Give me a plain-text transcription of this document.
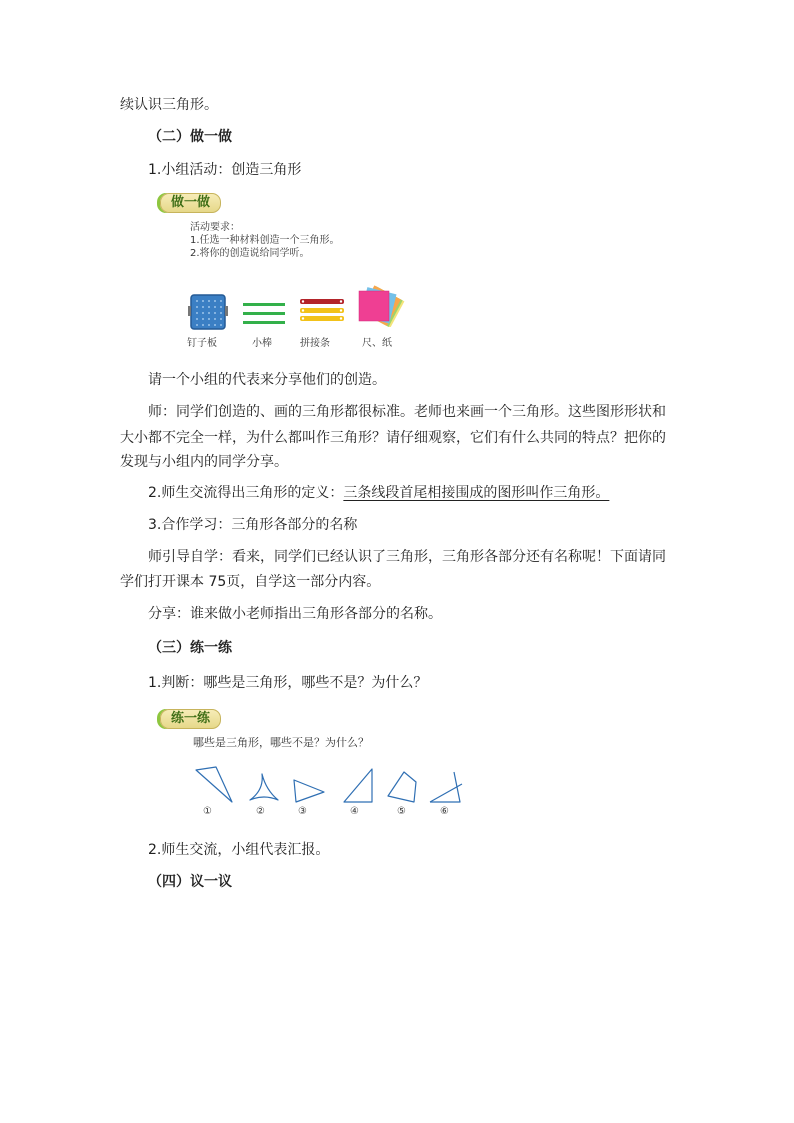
续认识三角形。
（二）做一做
1.小组活动：创造三角形
做一做
活动要求：
1.任选一种材料创造一个三角形。
2.将你的创造说给同学听。
钉子板	小棒	拼接条	尺、纸
请一个小组的代表来分享他们的创造。
师：同学们创造的、画的三角形都很标准。老师也来画一个三角形。这些图形形状和
大小都不完全一样，为什么都叫作三角形？请仔细观察，它们有什么共同的特点？把你的
发现与小组内的同学分享。
2.师生交流得出三角形的定义：三条线段首尾相接围成的图形叫作三角形。
3.合作学习：三角形各部分的名称
师引导自学：看来，同学们已经认识了三角形，三角形各部分还有名称呢！下面请同
学们打开课本 75页，自学这一部分内容。
分享：谁来做小老师指出三角形各部分的名称。
（三）练一练
1.判断：哪些是三角形，哪些不是？为什么？
练一练
哪些是三角形，哪些不是？为什么？
①	②	③	④	⑤	⑥
2.师生交流，小组代表汇报。
（四）议一议
